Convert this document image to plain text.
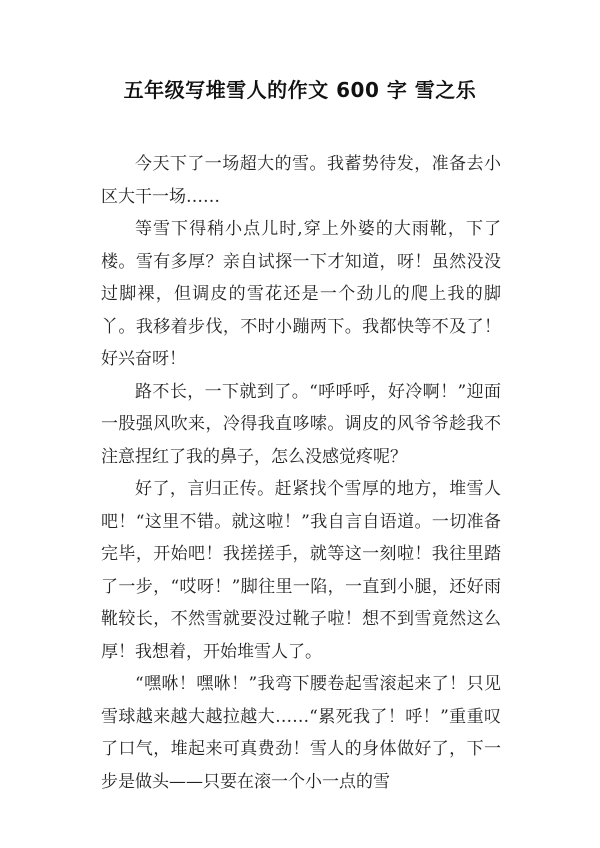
五年级写堆雪人的作文 600 字 雪之乐

今天下了一场超大的雪。我蓄势待发，准备去小区大干一场……

等雪下得稍小点儿时,穿上外婆的大雨靴，下了楼。雪有多厚？亲自试探一下才知道，呀！虽然没没过脚裸，但调皮的雪花还是一个劲儿的爬上我的脚丫。我移着步伐，不时小蹦两下。我都快等不及了！好兴奋呀！

路不长，一下就到了。“呼呼呼，好冷啊！”迎面一股强风吹来，冷得我直哆嗦。调皮的风爷爷趁我不注意捏红了我的鼻子，怎么没感觉疼呢？

好了，言归正传。赶紧找个雪厚的地方，堆雪人吧！“这里不错。就这啦！”我自言自语道。一切准备完毕，开始吧！我搓搓手，就等这一刻啦！我往里踏了一步，“哎呀！”脚往里一陷，一直到小腿，还好雨靴较长，不然雪就要没过靴子啦！想不到雪竟然这么厚！我想着，开始堆雪人了。

“嘿咻！嘿咻！”我弯下腰卷起雪滚起来了！只见雪球越来越大越拉越大……“累死我了！呼！”重重叹了口气，堆起来可真费劲！雪人的身体做好了，下一步是做头——只要在滚一个小一点的雪
